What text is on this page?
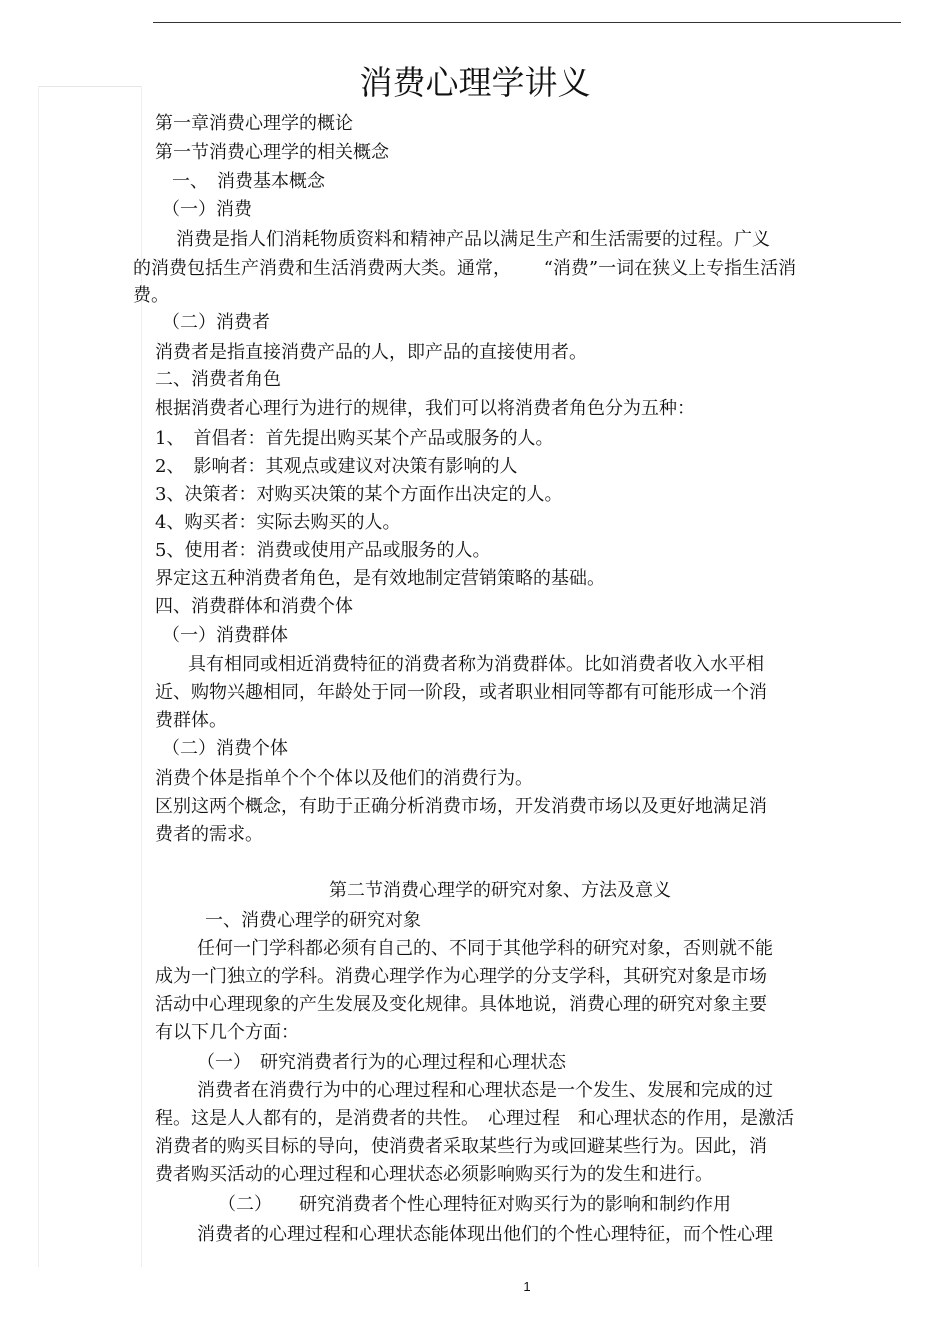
消费心理学讲义

第一章消费心理学的概论

第一节消费心理学的相关概念

一、　消费基本概念

（一）消费

消费是指人们消耗物质资料和精神产品以满足生产和生活需要的过程。广义

的消费包括生产消费和生活消费两大类。通常，　　 “消费”一词在狭义上专指生活消

费。

（二）消费者

消费者是指直接消费产品的人，即产品的直接使用者。

二、消费者角色

根据消费者心理行为进行的规律，我们可以将消费者角色分为五种：

1、　首倡者：首先提出购买某个产品或服务的人。

2、　影响者：其观点或建议对决策有影响的人

3、决策者：对购买决策的某个方面作出决定的人。

4、购买者：实际去购买的人。

5、使用者：消费或使用产品或服务的人。

界定这五种消费者角色，是有效地制定营销策略的基础。

四、消费群体和消费个体

（一）消费群体

具有相同或相近消费特征的消费者称为消费群体。比如消费者收入水平相

近、购物兴趣相同，年龄处于同一阶段，或者职业相同等都有可能形成一个消

费群体。

（二）消费个体

消费个体是指单个个个体以及他们的消费行为。

区别这两个概念，有助于正确分析消费市场，开发消费市场以及更好地满足消

费者的需求。

第二节消费心理学的研究对象、方法及意义

一、消费心理学的研究对象

任何一门学科都必须有自己的、不同于其他学科的研究对象，否则就不能

成为一门独立的学科。消费心理学作为心理学的分支学科，其研究对象是市场

活动中心理现象的产生发展及变化规律。具体地说，消费心理的研究对象主要

有以下几个方面：

（一）　研究消费者行为的心理过程和心理状态

消费者在消费行为中的心理过程和心理状态是一个发生、发展和完成的过

程。这是人人都有的，是消费者的共性。　心理过程　和心理状态的作用，是激活

消费者的购买目标的导向，使消费者采取某些行为或回避某些行为。因此，消

费者购买活动的心理过程和心理状态必须影响购买行为的发生和进行。

（二）　　研究消费者个性心理特征对购买行为的影响和制约作用

消费者的心理过程和心理状态能体现出他们的个性心理特征，而个性心理

1
